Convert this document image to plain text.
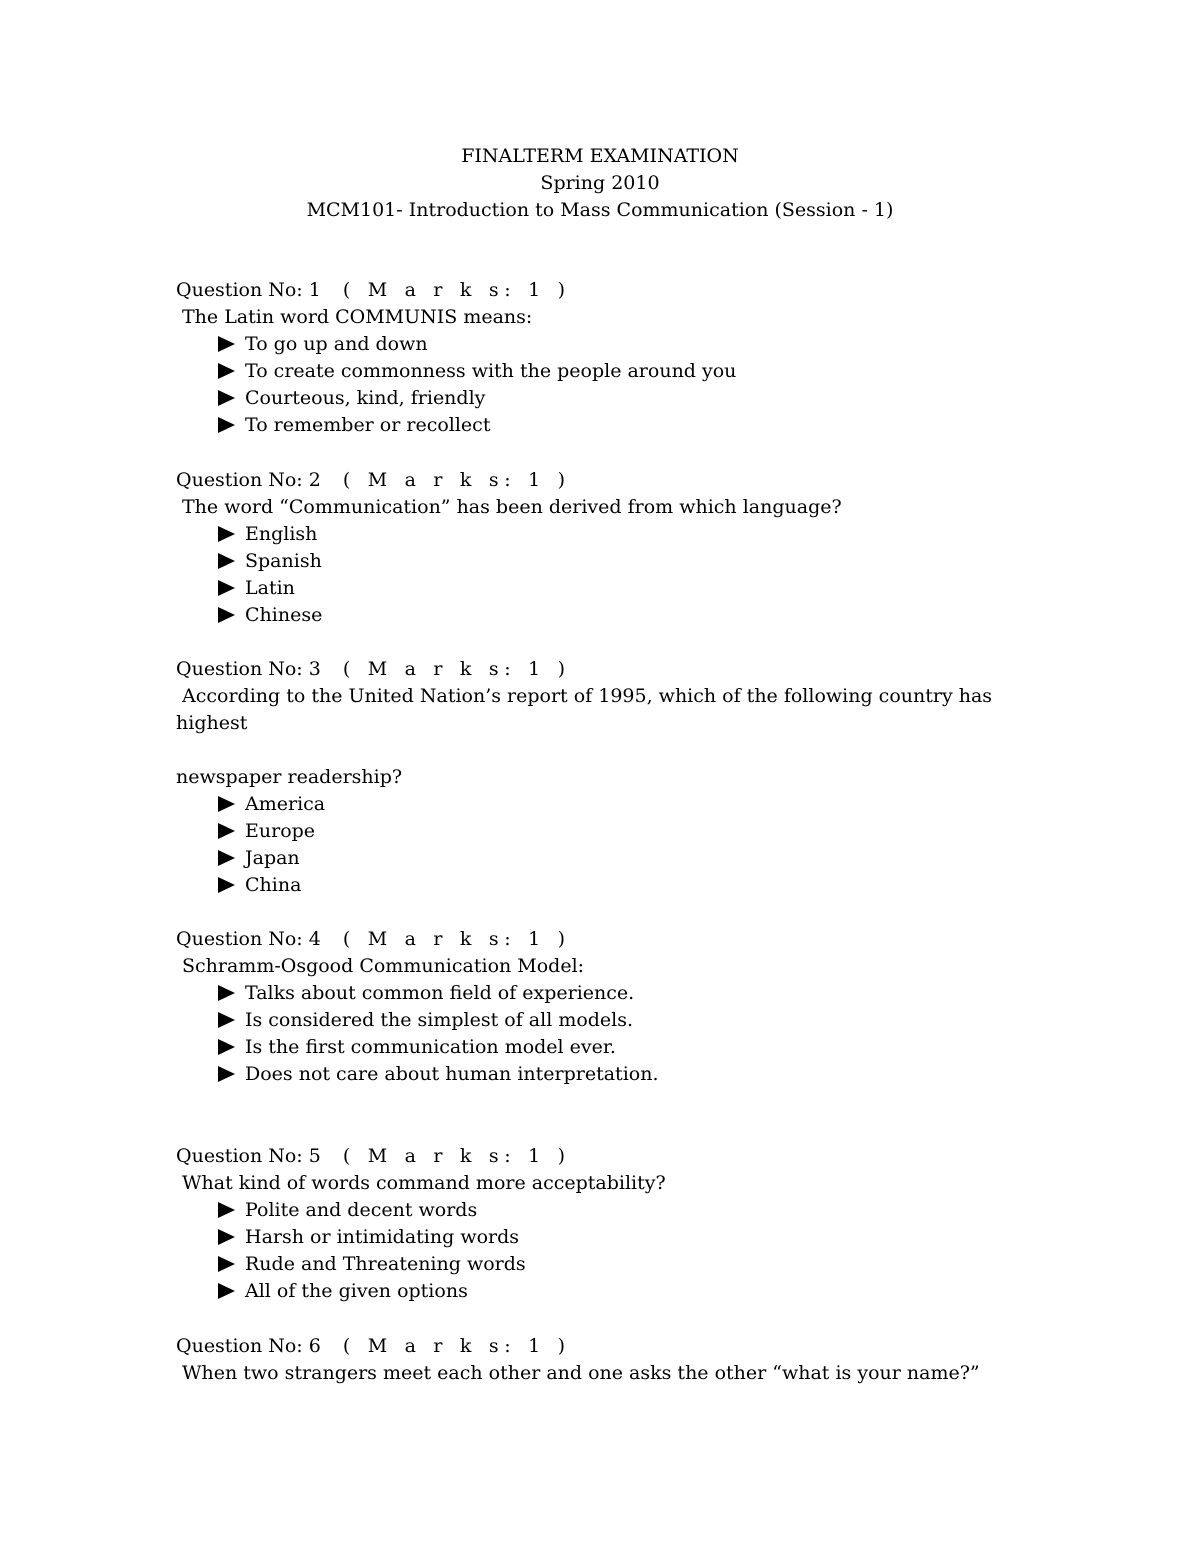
FINALTERM EXAMINATION
Spring 2010
MCM101- Introduction to Mass Communication (Session - 1)
Question No: 1 ( M a r k s: 1 )
The Latin word COMMUNIS means:
To go up and down
To create commonness with the people around you
Courteous, kind, friendly
To remember or recollect
Question No: 2 ( M a r k s: 1 )
The word “Communication” has been derived from which language?
English
Spanish
Latin
Chinese
Question No: 3 ( M a r k s: 1 )
According to the United Nation’s report of 1995, which of the following country has highest
newspaper readership?
America
Europe
Japan
China
Question No: 4 ( M a r k s: 1 )
Schramm-Osgood Communication Model:
Talks about common field of experience.
Is considered the simplest of all models.
Is the first communication model ever.
Does not care about human interpretation.
Question No: 5 ( M a r k s: 1 )
What kind of words command more acceptability?
Polite and decent words
Harsh or intimidating words
Rude and Threatening words
All of the given options
Question No: 6 ( M a r k s: 1 )
When two strangers meet each other and one asks the other “what is your name?”
